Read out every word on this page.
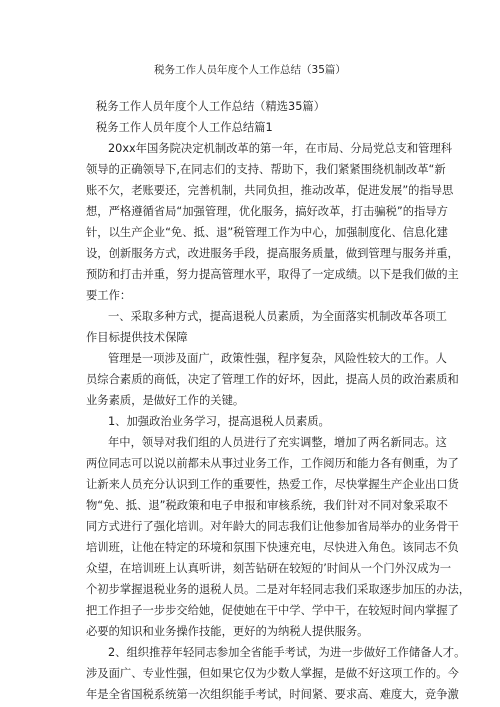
税务工作人员年度个人工作总结（35篇）
税务工作人员年度个人工作总结（精选35篇）
税务工作人员年度个人工作总结篇1
20xx年国务院决定机制改革的第一年，在市局、分局党总支和管理科
领导的正确领导下,在同志们的支持、帮助下，我们紧紧围绕机制改革“新
账不欠，老账要还，完善机制，共同负担，推动改革，促进发展”的指导思
想，严格遵循省局“加强管理，优化服务，搞好改革，打击骗税”的指导方
针，以生产企业“免、抵、退”税管理工作为中心，加强制度化、信息化建
设，创新服务方式，改进服务手段，提高服务质量，做到管理与服务并重，
预防和打击并重，努力提高管理水平，取得了一定成绩。以下是我们做的主
要工作：
一、采取多种方式，提高退税人员素质，为全面落实机制改革各项工
作目标提供技术保障
管理是一项涉及面广，政策性强，程序复杂，风险性较大的工作。人
员综合素质的商低，决定了管理工作的好坏，因此，提高人员的政治素质和
业务素质，是做好工作的关键。
1、加强政治业务学习，提高退税人员素质。
年中，领导对我们组的人员进行了充实调整，增加了两名新同志。这
两位同志可以说以前都未从事过业务工作，工作阅历和能力各有侧重，为了
让新来人员充分认识到工作的重要性，热爱工作，尽快掌握生产企业出口货
物“免、抵、退”税政策和电子申报和审核系统，我们针对不同对象采取不
同方式进行了强化培训。对年龄大的同志我们让他参加省局举办的业务骨干
培训班，让他在特定的环境和氛围下快速充电，尽快进入角色。该同志不负
众望，在培训班上认真听讲，刻苦钻研在较短的’时间从一个门外汉成为一
个初步掌握退税业务的退税人员。二是对年轻同志我们采取逐步加压的办法，
把工作担子一步步交给她，促使她在干中学、学中干，在较短时间内掌握了
必要的知识和业务操作技能，更好的为纳税人提供服务。
2、组织推荐年轻同志参加全省能手考试，为进一步做好工作储备人才。
涉及面广、专业性强，但如果它仅为少数人掌握，是做不好这项工作的。今
年是全省国税系统第一次组织能手考试，时间紧、要求高、难度大，竞争激
